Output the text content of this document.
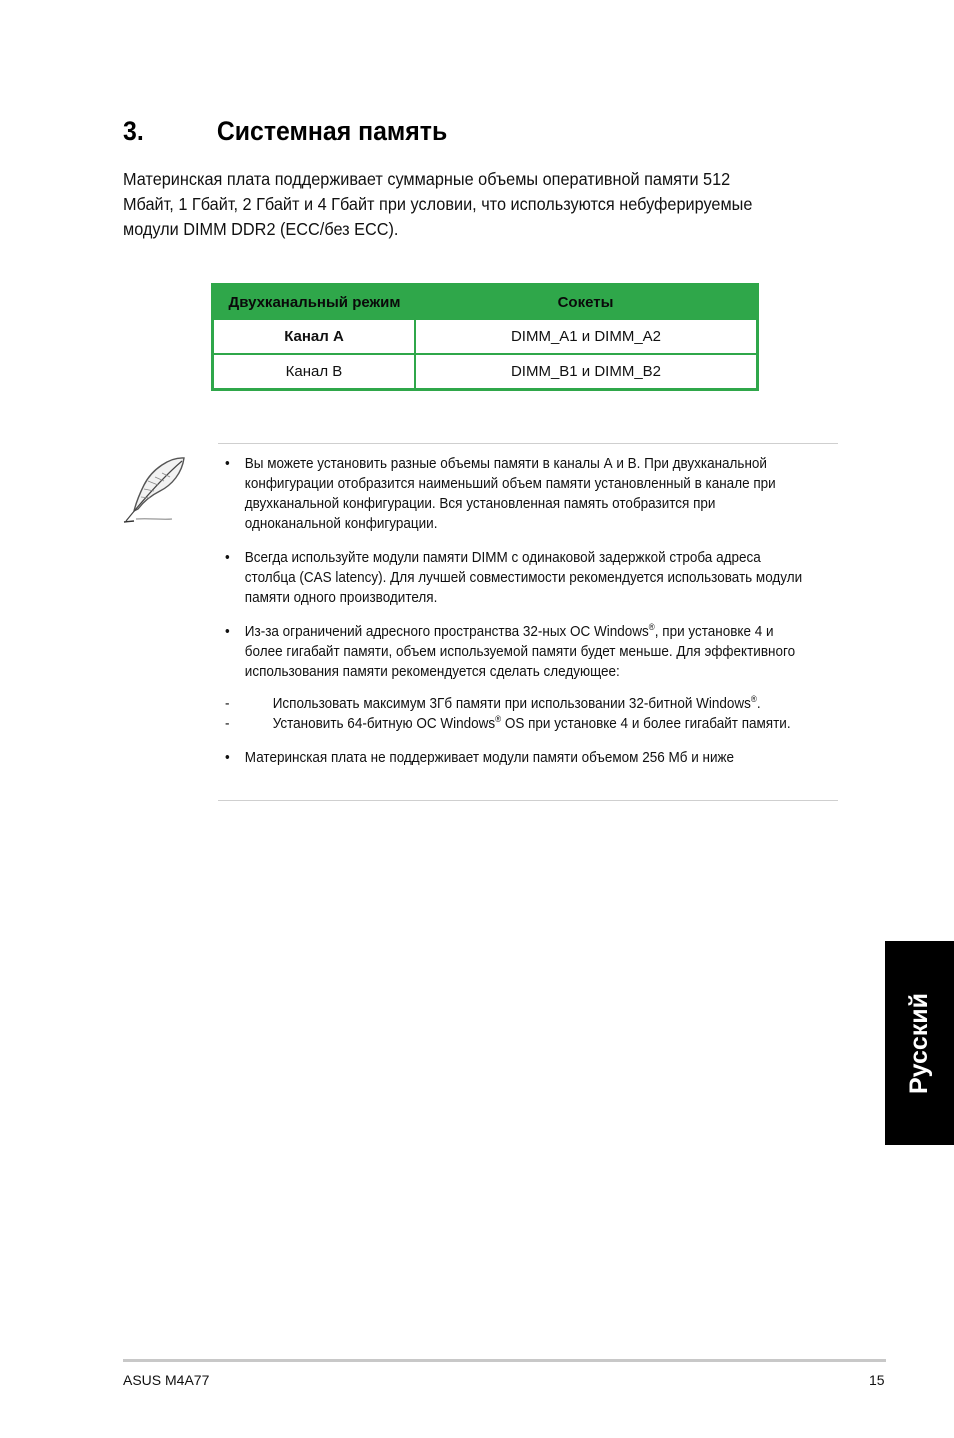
3.	Системная память
Материнская плата поддерживает суммарные объемы оперативной памяти 512 Мбайт, 1 Гбайт, 2 Гбайт и 4 Гбайт при условии, что используются небуферируемые модули DIMM DDR2 (ECC/без ECC).
Двухканальный режим	Сокеты
Канал А	DIMM_A1 и DIMM_A2
Канал В	DIMM_B1 и DIMM_B2
• Вы можете установить разные объемы памяти в каналы А и В. При двухканальной конфигурации отобразится наименьший объем памяти установленный в канале при двухканальной конфигурации. Вся установленная память отобразится при одноканальной конфигурации.
• Всегда используйте модули памяти DIMM с одинаковой задержкой строба адреса столбца (CAS latency). Для лучшей совместимости рекомендуется использовать модули памяти одного производителя.
• Из-за ограничений адресного пространства 32-ных ОС Windows®, при установке 4 и более гигабайт памяти, объем используемой памяти будет меньше. Для эффективного использования памяти рекомендуется сделать следующее:
-	Использовать максимум 3Гб памяти при использовании 32-битной Windows®.
-	Установить 64-битную ОС Windows® OS при установке 4 и более гигабайт памяти.
• Материнская плата не поддерживает модули памяти объемом 256 Мб и ниже
Русский
ASUS M4A77	15
